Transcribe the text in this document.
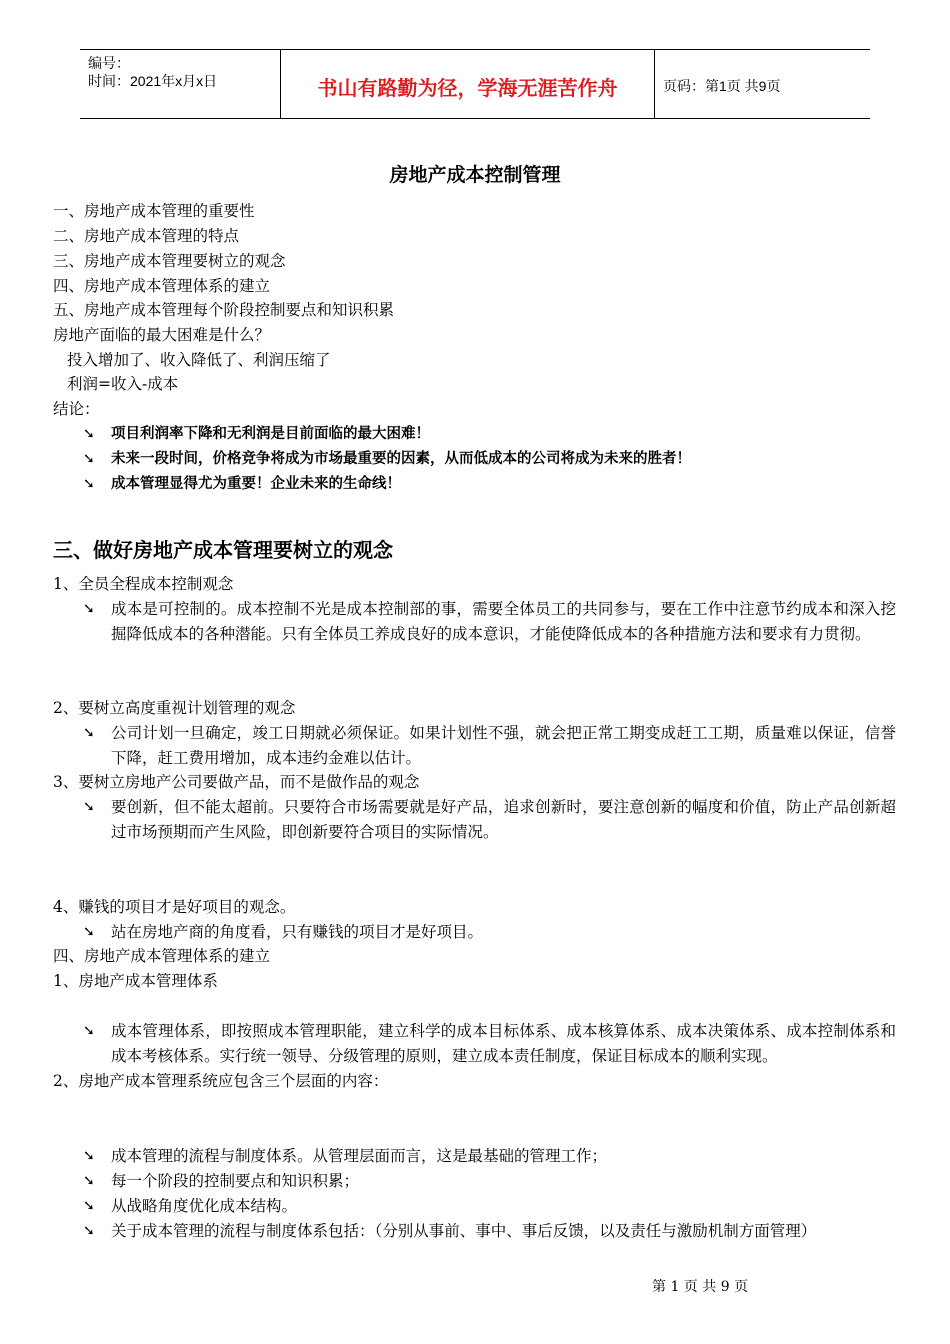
编号：
时间：2021年x月x日	书山有路勤为径，学海无涯苦作舟	页码：第1页 共9页
房地产成本控制管理
一、房地产成本管理的重要性
二、房地产成本管理的特点
三、房地产成本管理要树立的观念
四、房地产成本管理体系的建立
五、房地产成本管理每个阶段控制要点和知识积累
房地产面临的最大困难是什么？
投入增加了、收入降低了、利润压缩了
利润=收入-成本
结论：
➘ 项目利润率下降和无利润是目前面临的最大困难！
➘ 未来一段时间，价格竞争将成为市场最重要的因素，从而低成本的公司将成为未来的胜者！
➘ 成本管理显得尤为重要！企业未来的生命线！
三、做好房地产成本管理要树立的观念
1、全员全程成本控制观念
➘ 成本是可控制的。成本控制不光是成本控制部的事，需要全体员工的共同参与，要在工作中注意节约成本和深入挖掘降低成本的各种潜能。只有全体员工养成良好的成本意识，才能使降低成本的各种措施方法和要求有力贯彻。
2、要树立高度重视计划管理的观念
➘ 公司计划一旦确定，竣工日期就必须保证。如果计划性不强，就会把正常工期变成赶工工期，质量难以保证，信誉下降，赶工费用增加，成本违约金难以估计。
3、要树立房地产公司要做产品，而不是做作品的观念
➘ 要创新，但不能太超前。只要符合市场需要就是好产品，追求创新时，要注意创新的幅度和价值，防止产品创新超过市场预期而产生风险，即创新要符合项目的实际情况。
4、赚钱的项目才是好项目的观念。
➘ 站在房地产商的角度看，只有赚钱的项目才是好项目。
四、房地产成本管理体系的建立
1、房地产成本管理体系
➘ 成本管理体系，即按照成本管理职能，建立科学的成本目标体系、成本核算体系、成本决策体系、成本控制体系和成本考核体系。实行统一领导、分级管理的原则，建立成本责任制度，保证目标成本的顺利实现。
2、房地产成本管理系统应包含三个层面的内容：
➘ 成本管理的流程与制度体系。从管理层面而言，这是最基础的管理工作；
➘ 每一个阶段的控制要点和知识积累；
➘ 从战略角度优化成本结构。
➘ 关于成本管理的流程与制度体系包括：（分别从事前、事中、事后反馈，以及责任与激励机制方面管理）
第 1 页 共 9 页
